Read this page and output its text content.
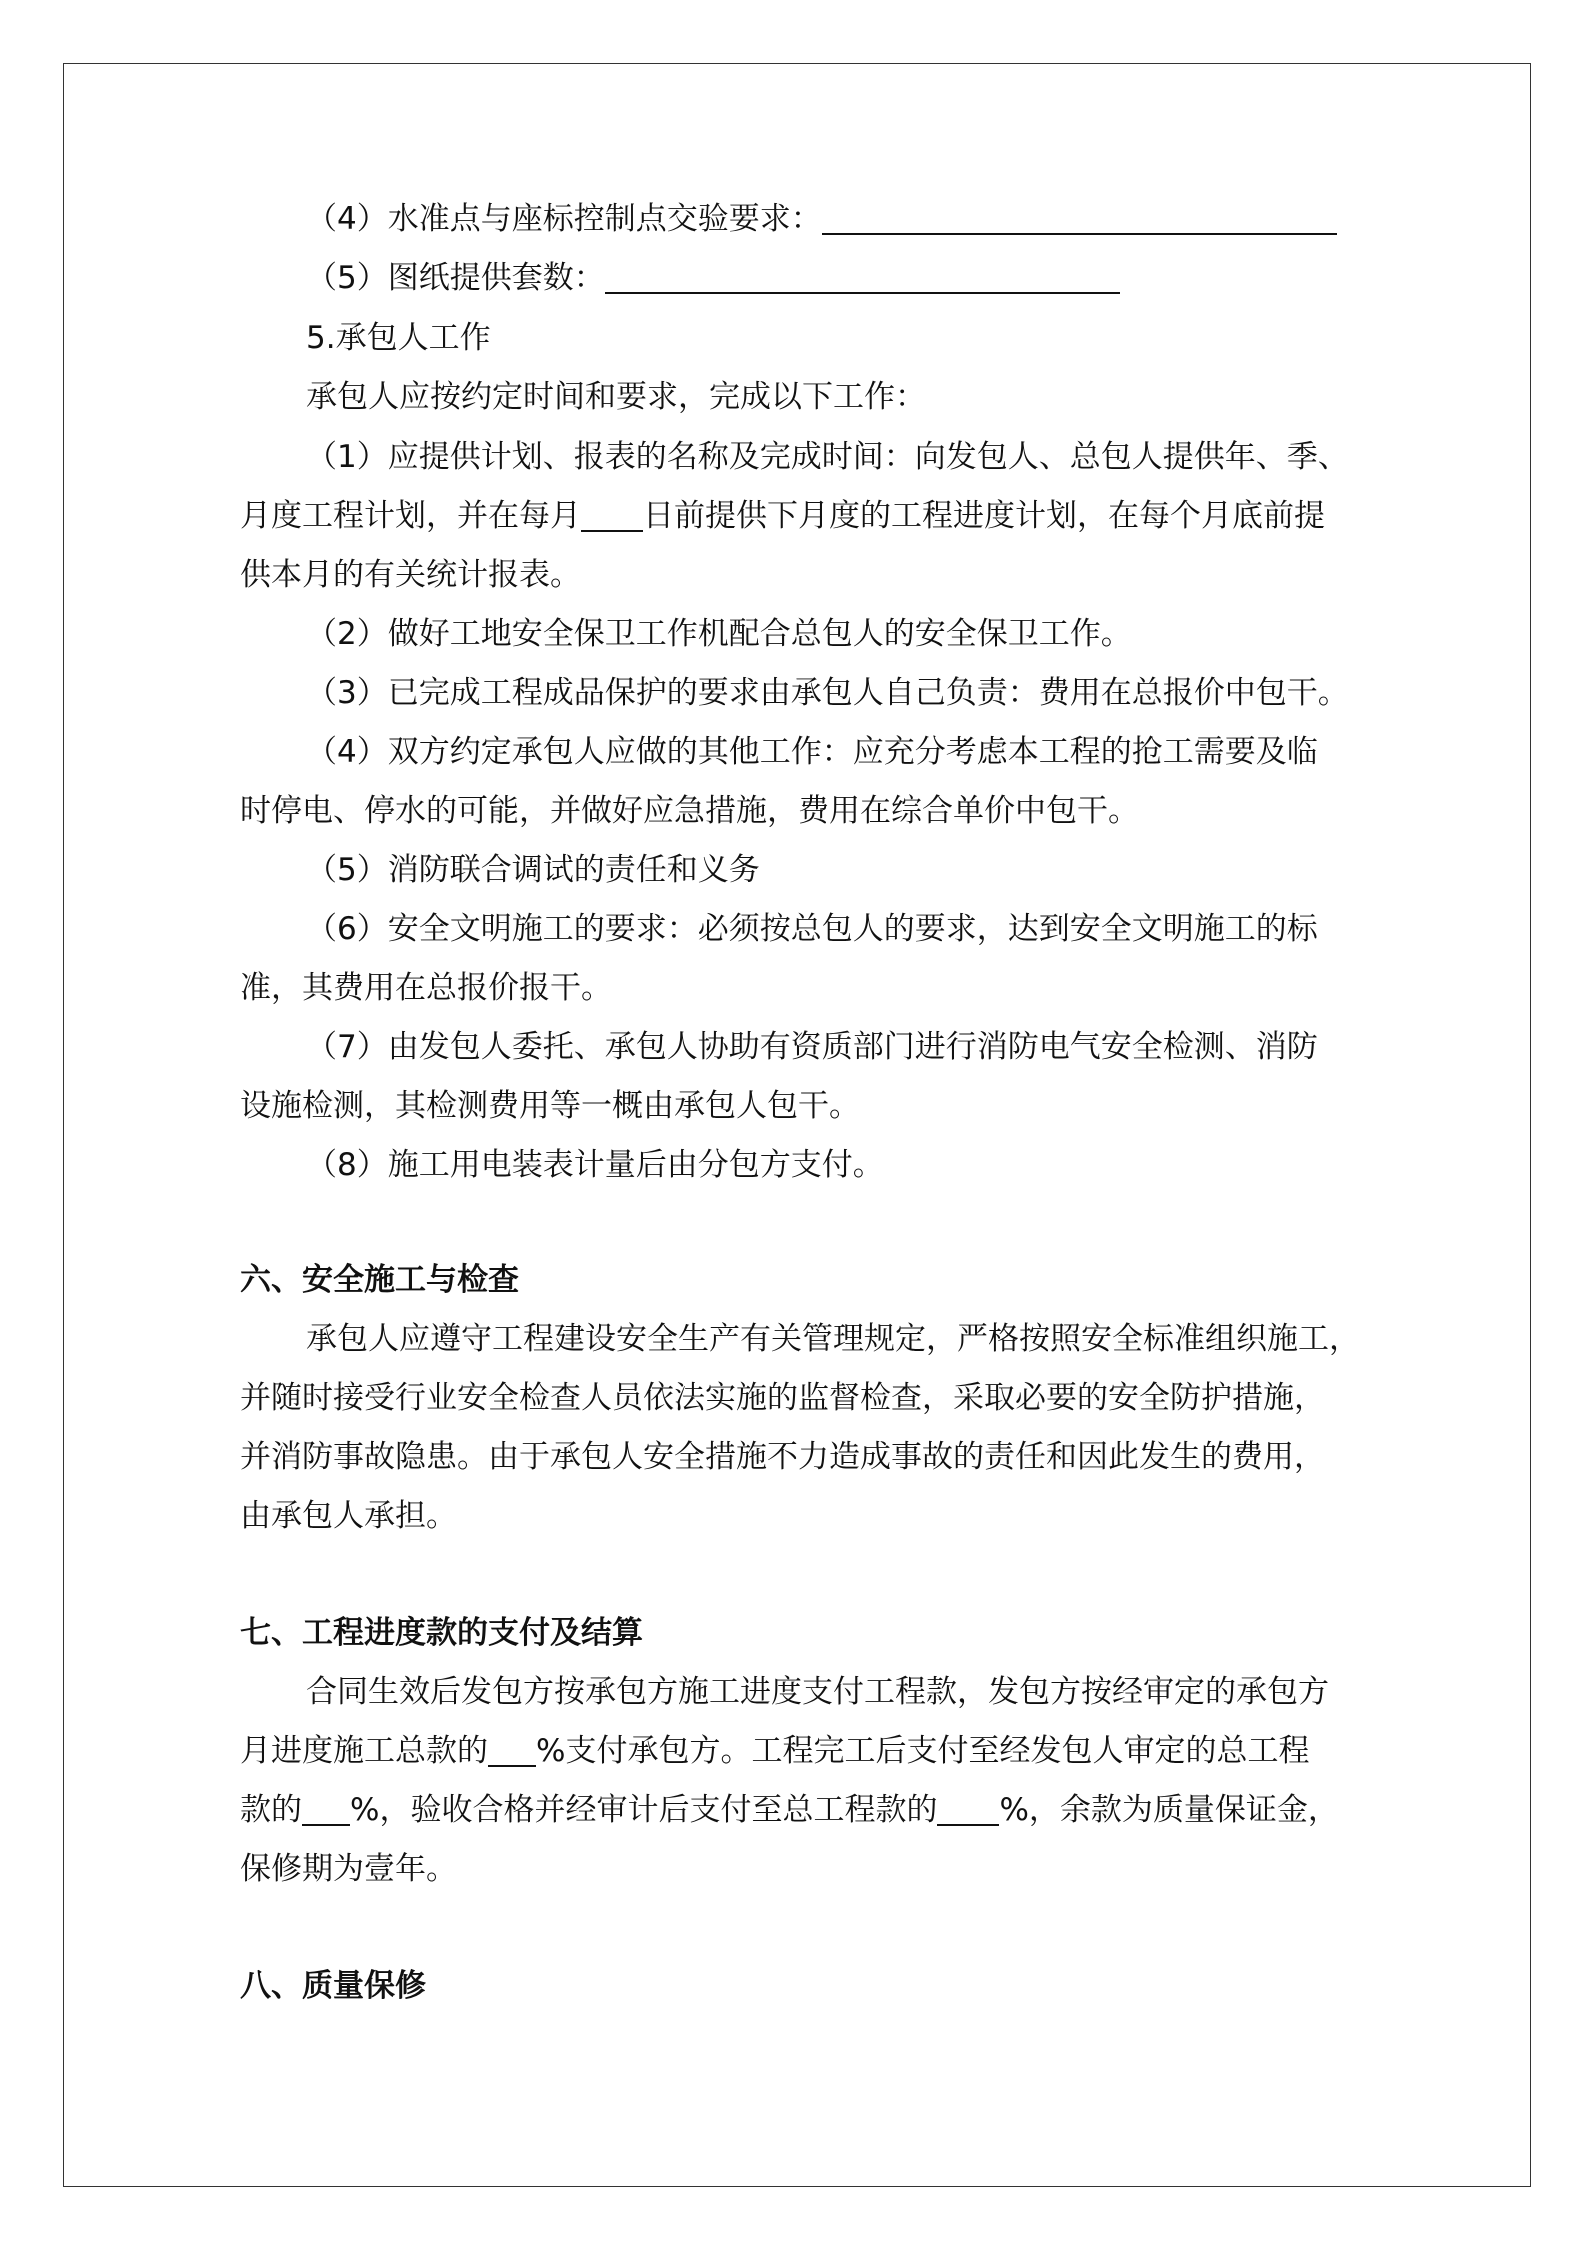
（4）水准点与座标控制点交验要求：
（5）图纸提供套数：
5.承包人工作
承包人应按约定时间和要求，完成以下工作：
（1）应提供计划、报表的名称及完成时间：向发包人、总包人提供年、季、
月度工程计划，并在每月 日前提供下月度的工程进度计划，在每个月底前提
供本月的有关统计报表。
（2）做好工地安全保卫工作机配合总包人的安全保卫工作。
（3）已完成工程成品保护的要求由承包人自己负责：费用在总报价中包干。
（4）双方约定承包人应做的其他工作：应充分考虑本工程的抢工需要及临
时停电、停水的可能，并做好应急措施，费用在综合单价中包干。
（5）消防联合调试的责任和义务
（6）安全文明施工的要求：必须按总包人的要求，达到安全文明施工的标
准，其费用在总报价报干。
（7）由发包人委托、承包人协助有资质部门进行消防电气安全检测、消防
设施检测，其检测费用等一概由承包人包干。
（8）施工用电装表计量后由分包方支付。
六、安全施工与检查
承包人应遵守工程建设安全生产有关管理规定，严格按照安全标准组织施工，
并随时接受行业安全检查人员依法实施的监督检查，采取必要的安全防护措施，
并消防事故隐患。由于承包人安全措施不力造成事故的责任和因此发生的费用，
由承包人承担。
七、工程进度款的支付及结算
合同生效后发包方按承包方施工进度支付工程款，发包方按经审定的承包方
月进度施工总款的 %支付承包方。工程完工后支付至经发包人审定的总工程
款的 %，验收合格并经审计后支付至总工程款的 %，余款为质量保证金，
保修期为壹年。
八、质量保修
